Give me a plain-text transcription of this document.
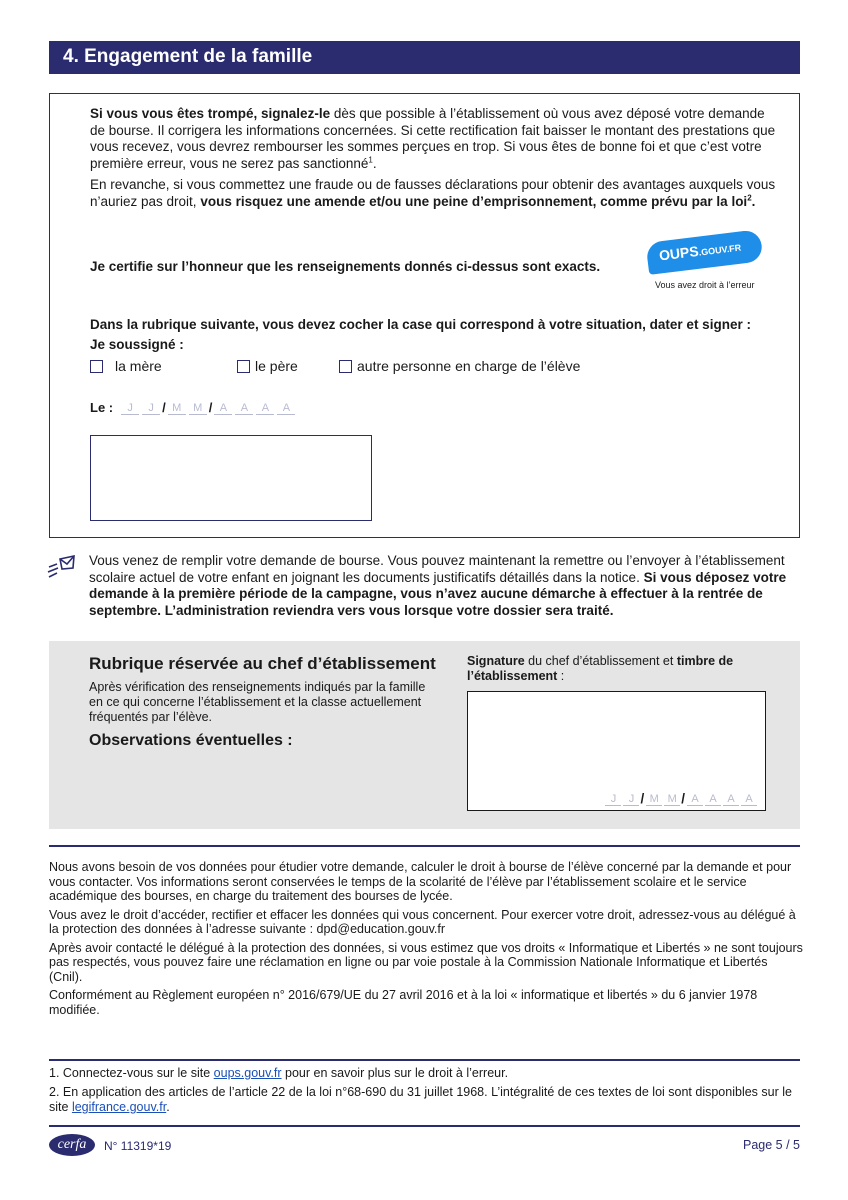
4. Engagement de la famille

Si vous vous êtes trompé, signalez-le dès que possible à l’établissement où vous avez déposé votre demande de bourse. Il corrigera les informations concernées. Si cette rectification fait baisser le montant des prestations que vous recevez, vous devrez rembourser les sommes perçues en trop. Si vous êtes de bonne foi et que c’est votre première erreur, vous ne serez pas sanctionné$^1$.

En revanche, si vous commettez une fraude ou de fausses déclarations pour obtenir des avantages auxquels vous n’auriez pas droit, vous risquez une amende et/ou une peine d’emprisonnement, comme prévu par la loi$^2$.

Je certifie sur l’honneur que les renseignements donnés ci-dessus sont exacts.
OUPS.GOUV.FR
Vous avez droit à l’erreur
Dans la rubrique suivante, vous devez cocher la case qui correspond à votre situation, dater et signer :
Je soussigné :
la mère	le père	autre personne en charge de l’élève
Le :	J	J / M	M / A	A	A	A
Vous venez de remplir votre demande de bourse. Vous pouvez maintenant la remettre ou l’envoyer à l’établissement scolaire actuel de votre enfant en joignant les documents justificatifs détaillés dans la notice. Si vous déposez votre demande à la première période de la campagne, vous n’avez aucune démarche à effectuer à la rentrée de septembre. L’administration reviendra vers vous lorsque votre dossier sera traité.
Rubrique réservée au chef d’établissement
Après vérification des renseignements indiqués par la famille en ce qui concerne l’établissement et la classe actuellement fréquentés par l’élève.
Observations éventuelles :
Signature du chef d’établissement et timbre de l’établissement :
J	J / M M / A A A A

Nous avons besoin de vos données pour étudier votre demande, calculer le droit à bourse de l’élève concerné par la demande et pour vous contacter. Vos informations seront conservées le temps de la scolarité de l’élève par l’établissement scolaire et le service académique des bourses, en charge du traitement des bourses de lycée.

Vous avez le droit d’accéder, rectifier et effacer les données qui vous concernent. Pour exercer votre droit, adressez-vous au délégué à la protection des données à l’adresse suivante : dpd@education.gouv.fr

Après avoir contacté le délégué à la protection des données, si vous estimez que vos droits « Informatique et Libertés » ne sont toujours pas respectés, vous pouvez faire une réclamation en ligne ou par voie postale à la Commission Nationale Informatique et Libertés (Cnil).

Conformément au Règlement européen n° 2016/679/UE du 27 avril 2016 et à la loi « informatique et libertés » du 6 janvier 1978 modifiée.

1. Connectez-vous sur le site oups.gouv.fr pour en savoir plus sur le droit à l’erreur.

2. En application des articles de l’article 22 de la loi n°68-690 du 31 juillet 1968. L’intégralité de ces textes de loi sont disponibles sur le site legifrance.gouv.fr.

cerfa	N° 11319*19	Page 5 / 5
